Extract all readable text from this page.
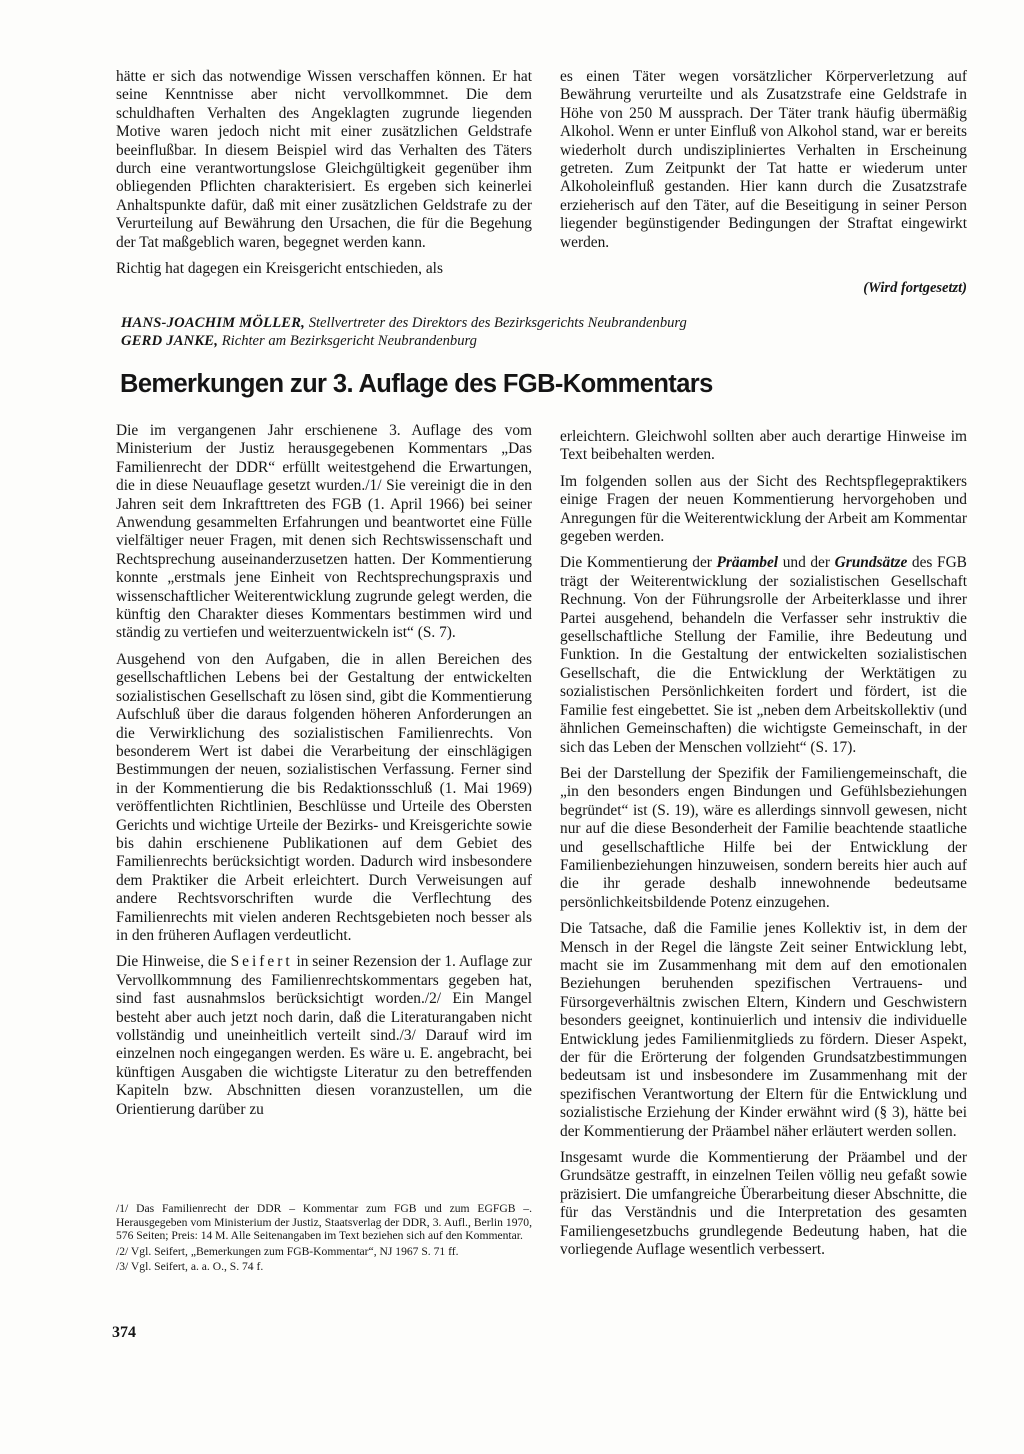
hätte er sich das notwendige Wissen verschaffen können. Er hat seine Kenntnisse aber nicht vervollkommnet. Die dem schuldhaften Verhalten des Angeklagten zugrunde liegenden Motive waren jedoch nicht mit einer zusätzlichen Geldstrafe beeinflußbar. In diesem Beispiel wird das Verhalten des Täters durch eine verantwortungslose Gleichgültigkeit gegenüber ihm obliegenden Pflichten charakterisiert. Es ergeben sich keinerlei Anhaltspunkte dafür, daß mit einer zusätzlichen Geldstrafe zu der Verurteilung auf Bewährung den Ursachen, die für die Begehung der Tat maßgeblich waren, begegnet werden kann.

Richtig hat dagegen ein Kreisgericht entschieden, als

es einen Täter wegen vorsätzlicher Körperverletzung auf Bewährung verurteilte und als Zusatzstrafe eine Geldstrafe in Höhe von 250 M aussprach. Der Täter trank häufig übermäßig Alkohol. Wenn er unter Einfluß von Alkohol stand, war er bereits wiederholt durch undiszipliniertes Verhalten in Erscheinung getreten. Zum Zeitpunkt der Tat hatte er wiederum unter Alkoholeinfluß gestanden. Hier kann durch die Zusatzstrafe erzieherisch auf den Täter, auf die Beseitigung in seiner Person liegender begünstigender Bedingungen der Straftat eingewirkt werden.

(Wird fortgesetzt)
HANS-JOACHIM MÖLLER, Stellvertreter des Direktors des Bezirksgerichts Neubrandenburg
GERD JANKE, Richter am Bezirksgericht Neubrandenburg
Bemerkungen zur 3. Auflage des FGB-Kommentars

Die im vergangenen Jahr erschienene 3. Auflage des vom Ministerium der Justiz herausgegebenen Kommentars „Das Familienrecht der DDR“ erfüllt weitestgehend die Erwartungen, die in diese Neuauflage gesetzt wurden./1/ Sie vereinigt die in den Jahren seit dem Inkrafttreten des FGB (1. April 1966) bei seiner Anwendung gesammelten Erfahrungen und beantwortet eine Fülle vielfältiger neuer Fragen, mit denen sich Rechtswissenschaft und Rechtsprechung auseinanderzusetzen hatten. Der Kommentierung konnte „erstmals jene Einheit von Rechtsprechungspraxis und wissenschaftlicher Weiterentwicklung zugrunde gelegt werden, die künftig den Charakter dieses Kommentars bestimmen wird und ständig zu vertiefen und weiterzuentwickeln ist“ (S. 7).

Ausgehend von den Aufgaben, die in allen Bereichen des gesellschaftlichen Lebens bei der Gestaltung der entwickelten sozialistischen Gesellschaft zu lösen sind, gibt die Kommentierung Aufschluß über die daraus folgenden höheren Anforderungen an die Verwirklichung des sozialistischen Familienrechts. Von besonderem Wert ist dabei die Verarbeitung der einschlägigen Bestimmungen der neuen, sozialistischen Verfassung. Ferner sind in der Kommentierung die bis Redaktionsschluß (1. Mai 1969) veröffentlichten Richtlinien, Beschlüsse und Urteile des Obersten Gerichts und wichtige Urteile der Bezirks- und Kreisgerichte sowie bis dahin erschienene Publikationen auf dem Gebiet des Familienrechts berücksichtigt worden. Dadurch wird insbesondere dem Praktiker die Arbeit erleichtert. Durch Verweisungen auf andere Rechtsvorschriften wurde die Verflechtung des Familienrechts mit vielen anderen Rechtsgebieten noch besser als in den früheren Auflagen verdeutlicht.

Die Hinweise, die Seifert in seiner Rezension der 1. Auflage zur Vervollkommnung des Familienrechtskommentars gegeben hat, sind fast ausnahmslos berücksichtigt worden./2/ Ein Mangel besteht aber auch jetzt noch darin, daß die Literaturangaben nicht vollständig und uneinheitlich verteilt sind./3/ Darauf wird im einzelnen noch eingegangen werden. Es wäre u. E. angebracht, bei künftigen Ausgaben die wichtigste Literatur zu den betreffenden Kapiteln bzw. Abschnitten diesen voranzustellen, um die Orientierung darüber zu

erleichtern. Gleichwohl sollten aber auch derartige Hinweise im Text beibehalten werden.

Im folgenden sollen aus der Sicht des Rechtspflegepraktikers einige Fragen der neuen Kommentierung hervorgehoben und Anregungen für die Weiterentwicklung der Arbeit am Kommentar gegeben werden.

Die Kommentierung der Präambel und der Grundsätze des FGB trägt der Weiterentwicklung der sozialistischen Gesellschaft Rechnung. Von der Führungsrolle der Arbeiterklasse und ihrer Partei ausgehend, behandeln die Verfasser sehr instruktiv die gesellschaftliche Stellung der Familie, ihre Bedeutung und Funktion. In die Gestaltung der entwickelten sozialistischen Gesellschaft, die die Entwicklung der Werktätigen zu sozialistischen Persönlichkeiten fordert und fördert, ist die Familie fest eingebettet. Sie ist „neben dem Arbeitskollektiv (und ähnlichen Gemeinschaften) die wichtigste Gemeinschaft, in der sich das Leben der Menschen vollzieht“ (S. 17).

Bei der Darstellung der Spezifik der Familiengemeinschaft, die „in den besonders engen Bindungen und Gefühlsbeziehungen begründet“ ist (S. 19), wäre es allerdings sinnvoll gewesen, nicht nur auf die diese Besonderheit der Familie beachtende staatliche und gesellschaftliche Hilfe bei der Entwicklung der Familienbeziehungen hinzuweisen, sondern bereits hier auch auf die ihr gerade deshalb innewohnende bedeutsame persönlichkeitsbildende Potenz einzugehen.

Die Tatsache, daß die Familie jenes Kollektiv ist, in dem der Mensch in der Regel die längste Zeit seiner Entwicklung lebt, macht sie im Zusammenhang mit dem auf den emotionalen Beziehungen beruhenden spezifischen Vertrauens- und Fürsorgeverhältnis zwischen Eltern, Kindern und Geschwistern besonders geeignet, kontinuierlich und intensiv die individuelle Entwicklung jedes Familienmitglieds zu fördern. Dieser Aspekt, der für die Erörterung der folgenden Grundsatzbestimmungen bedeutsam ist und insbesondere im Zusammenhang mit der spezifischen Verantwortung der Eltern für die Entwicklung und sozialistische Erziehung der Kinder erwähnt wird (§ 3), hätte bei der Kommentierung der Präambel näher erläutert werden sollen.

Insgesamt wurde die Kommentierung der Präambel und der Grundsätze gestrafft, in einzelnen Teilen völlig neu gefaßt sowie präzisiert. Die umfangreiche Überarbeitung dieser Abschnitte, die für das Verständnis und die Interpretation des gesamten Familiengesetzbuchs grundlegende Bedeutung haben, hat die vorliegende Auflage wesentlich verbessert.

/1/ Das Familienrecht der DDR – Kommentar zum FGB und zum EGFGB –. Herausgegeben vom Ministerium der Justiz, Staatsverlag der DDR, 3. Aufl., Berlin 1970, 576 Seiten; Preis: 14 M. Alle Seitenangaben im Text beziehen sich auf den Kommentar.

/2/ Vgl. Seifert, „Bemerkungen zum FGB-Kommentar“, NJ 1967 S. 71 ff.

/3/ Vgl. Seifert, a. a. O., S. 74 f.

374
